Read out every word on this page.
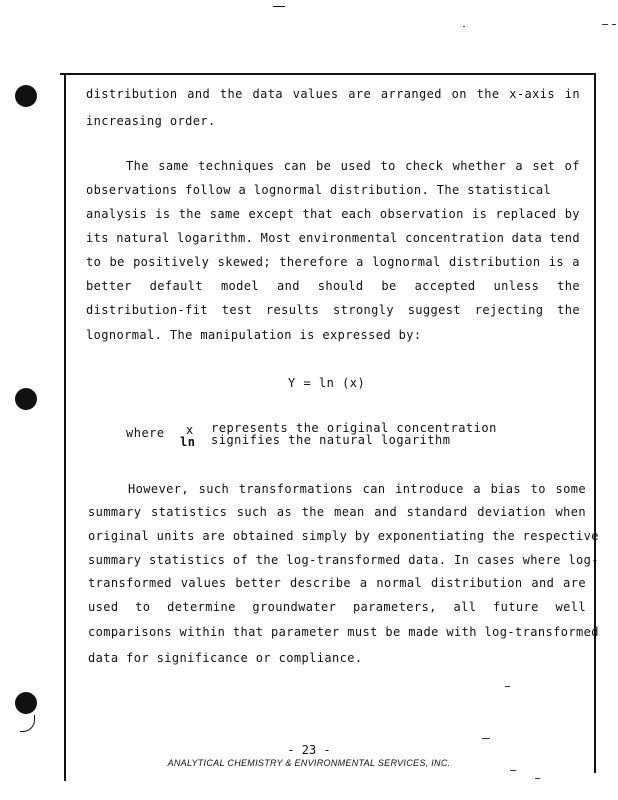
distribution and the data values are arranged on the x-axis in
increasing order.
The same techniques can be used to check whether a set of
observations follow a lognormal distribution. The statistical
analysis is the same except that each observation is replaced by
its natural logarithm. Most environmental concentration data tend
to be positively skewed; therefore a lognormal distribution is a
better default model and should be accepted unless the
distribution-fit test results strongly suggest rejecting the
lognormal. The manipulation is expressed by:
Y = ln (x)
where x represents the original concentration
ln signifies the natural logarithm
However, such transformations can introduce a bias to some
summary statistics such as the mean and standard deviation when
original units are obtained simply by exponentiating the respective
summary statistics of the log-transformed data. In cases where log-
transformed values better describe a normal distribution and are
used to determine groundwater parameters, all future well
comparisons within that parameter must be made with log-transformed
data for significance or compliance.
- 23 -
ANALYTICAL CHEMISTRY & ENVIRONMENTAL SERVICES, INC.
